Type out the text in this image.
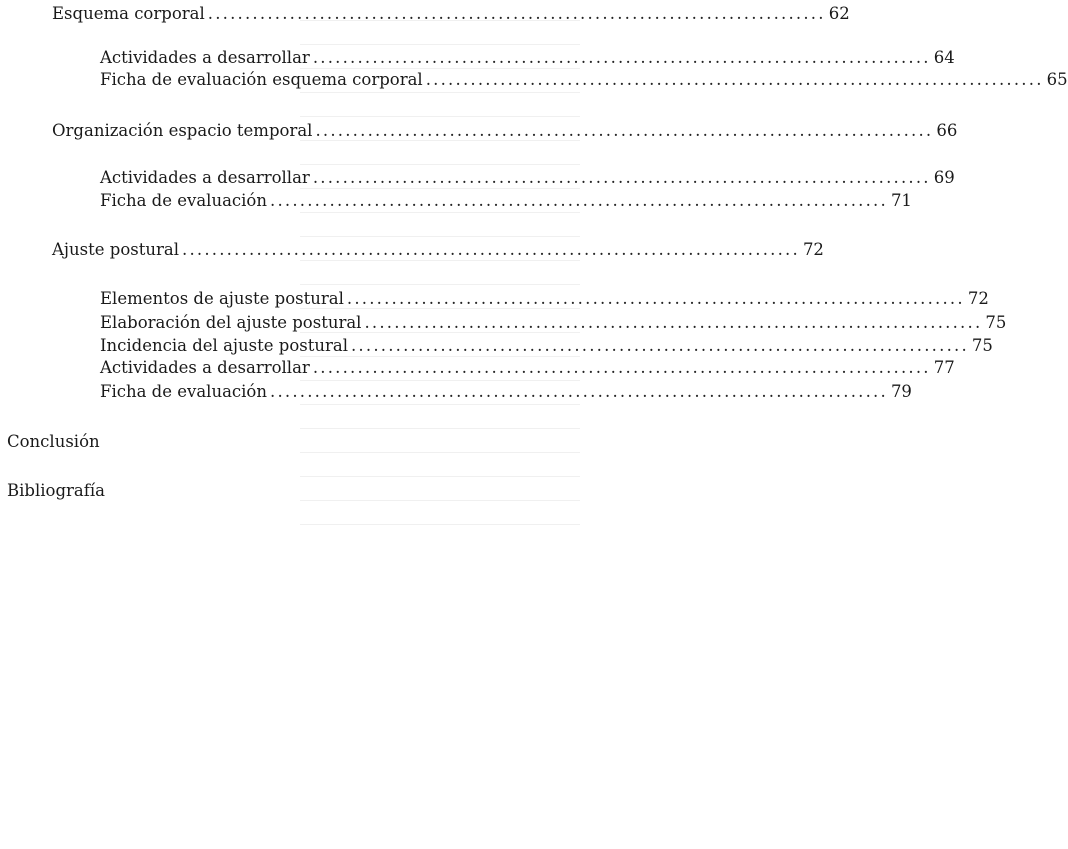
Esquema corporal ................................................................................... 62
Actividades a desarrollar ................................................................................... 64
Ficha de evaluación esquema corporal ................................................................................... 65
Organización espacio temporal ................................................................................... 66
Actividades a desarrollar ................................................................................... 69
Ficha de evaluación ................................................................................... 71
Ajuste postural ................................................................................... 72
Elementos de ajuste postural ................................................................................... 72
Elaboración del ajuste postural ................................................................................... 75
Incidencia del ajuste postural ................................................................................... 75
Actividades a desarrollar ................................................................................... 77
Ficha de evaluación ................................................................................... 79
Conclusión
Bibliografía
